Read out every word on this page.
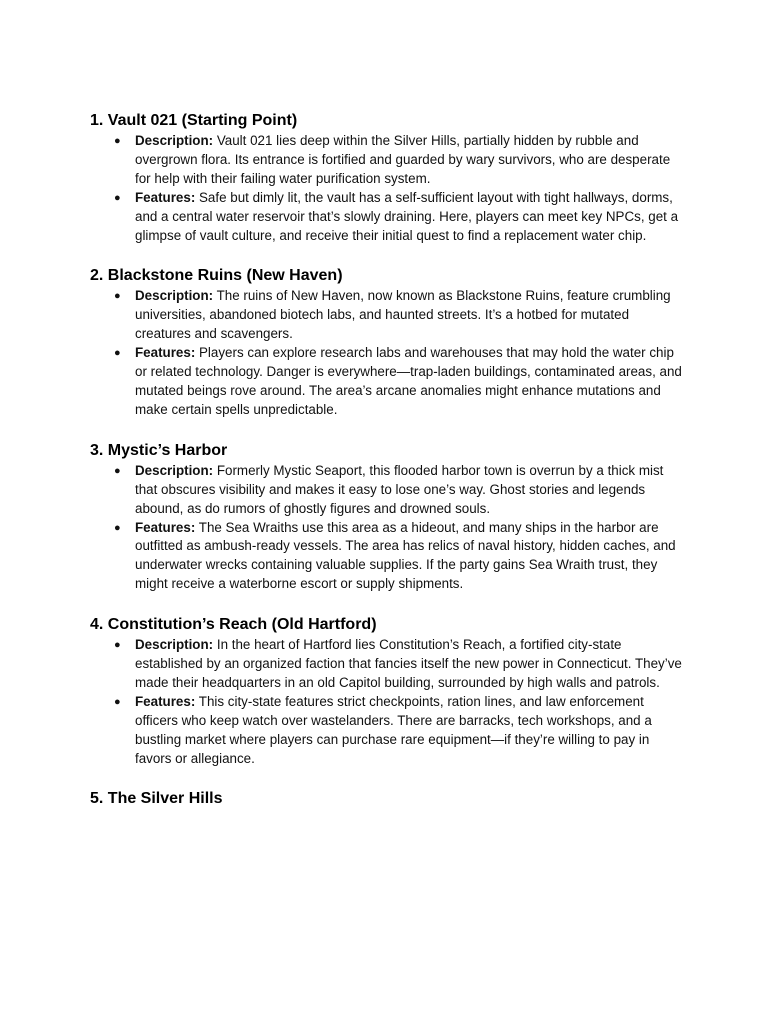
1. Vault 021 (Starting Point)
● Description: Vault 021 lies deep within the Silver Hills, partially hidden by rubble and overgrown flora. Its entrance is fortified and guarded by wary survivors, who are desperate for help with their failing water purification system.
● Features: Safe but dimly lit, the vault has a self-sufficient layout with tight hallways, dorms, and a central water reservoir that’s slowly draining. Here, players can meet key NPCs, get a glimpse of vault culture, and receive their initial quest to find a replacement water chip.
2. Blackstone Ruins (New Haven)
● Description: The ruins of New Haven, now known as Blackstone Ruins, feature crumbling universities, abandoned biotech labs, and haunted streets. It’s a hotbed for mutated creatures and scavengers.
● Features: Players can explore research labs and warehouses that may hold the water chip or related technology. Danger is everywhere—trap-laden buildings, contaminated areas, and mutated beings rove around. The area’s arcane anomalies might enhance mutations and make certain spells unpredictable.
3. Mystic’s Harbor
● Description: Formerly Mystic Seaport, this flooded harbor town is overrun by a thick mist that obscures visibility and makes it easy to lose one’s way. Ghost stories and legends abound, as do rumors of ghostly figures and drowned souls.
● Features: The Sea Wraiths use this area as a hideout, and many ships in the harbor are outfitted as ambush-ready vessels. The area has relics of naval history, hidden caches, and underwater wrecks containing valuable supplies. If the party gains Sea Wraith trust, they might receive a waterborne escort or supply shipments.
4. Constitution’s Reach (Old Hartford)
● Description: In the heart of Hartford lies Constitution’s Reach, a fortified city-state established by an organized faction that fancies itself the new power in Connecticut. They’ve made their headquarters in an old Capitol building, surrounded by high walls and patrols.
● Features: This city-state features strict checkpoints, ration lines, and law enforcement officers who keep watch over wastelanders. There are barracks, tech workshops, and a bustling market where players can purchase rare equipment—if they’re willing to pay in favors or allegiance.
5. The Silver Hills
